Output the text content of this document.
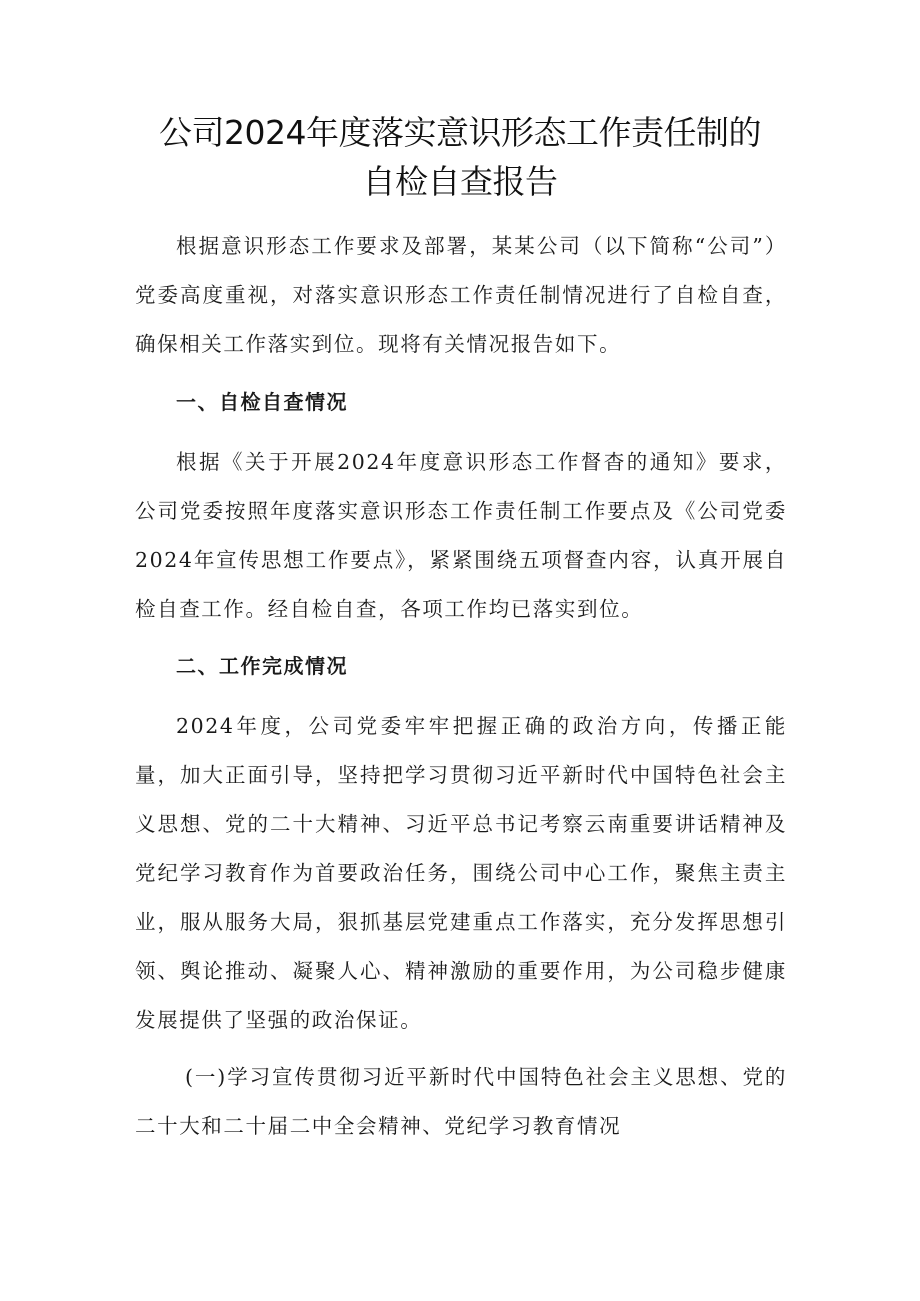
公司2024年度落实意识形态工作责任制的
自检自查报告

根据意识形态工作要求及部署，某某公司（以下简称“公司”）党委高度重视，对落实意识形态工作责任制情况进行了自检自查，确保相关工作落实到位。现将有关情况报告如下。

一、自检自查情况

根据《关于开展2024年度意识形态工作督杳的通知》要求，公司党委按照年度落实意识形态工作责任制工作要点及《公司党委2024年宣传思想工作要点》，紧紧围绕五项督查内容，认真开展自检自查工作。经自检自查，各项工作均已落实到位。

二、工作完成情况

2024年度，公司党委牢牢把握正确的政治方向，传播正能量，加大正面引导，坚持把学习贯彻习近平新时代中国特色社会主义思想、党的二十大精神、习近平总书记考察云南重要讲话精神及党纪学习教育作为首要政治任务，围绕公司中心工作，聚焦主责主业，服从服务大局，狠抓基层党建重点工作落实，充分发挥思想引领、舆论推动、凝聚人心、精神激励的重要作用，为公司稳步健康发展提供了坚强的政治保证。

(一)学习宣传贯彻习近平新时代中国特色社会主义思想、党的二十大和二十届二中全会精神、党纪学习教育情况
